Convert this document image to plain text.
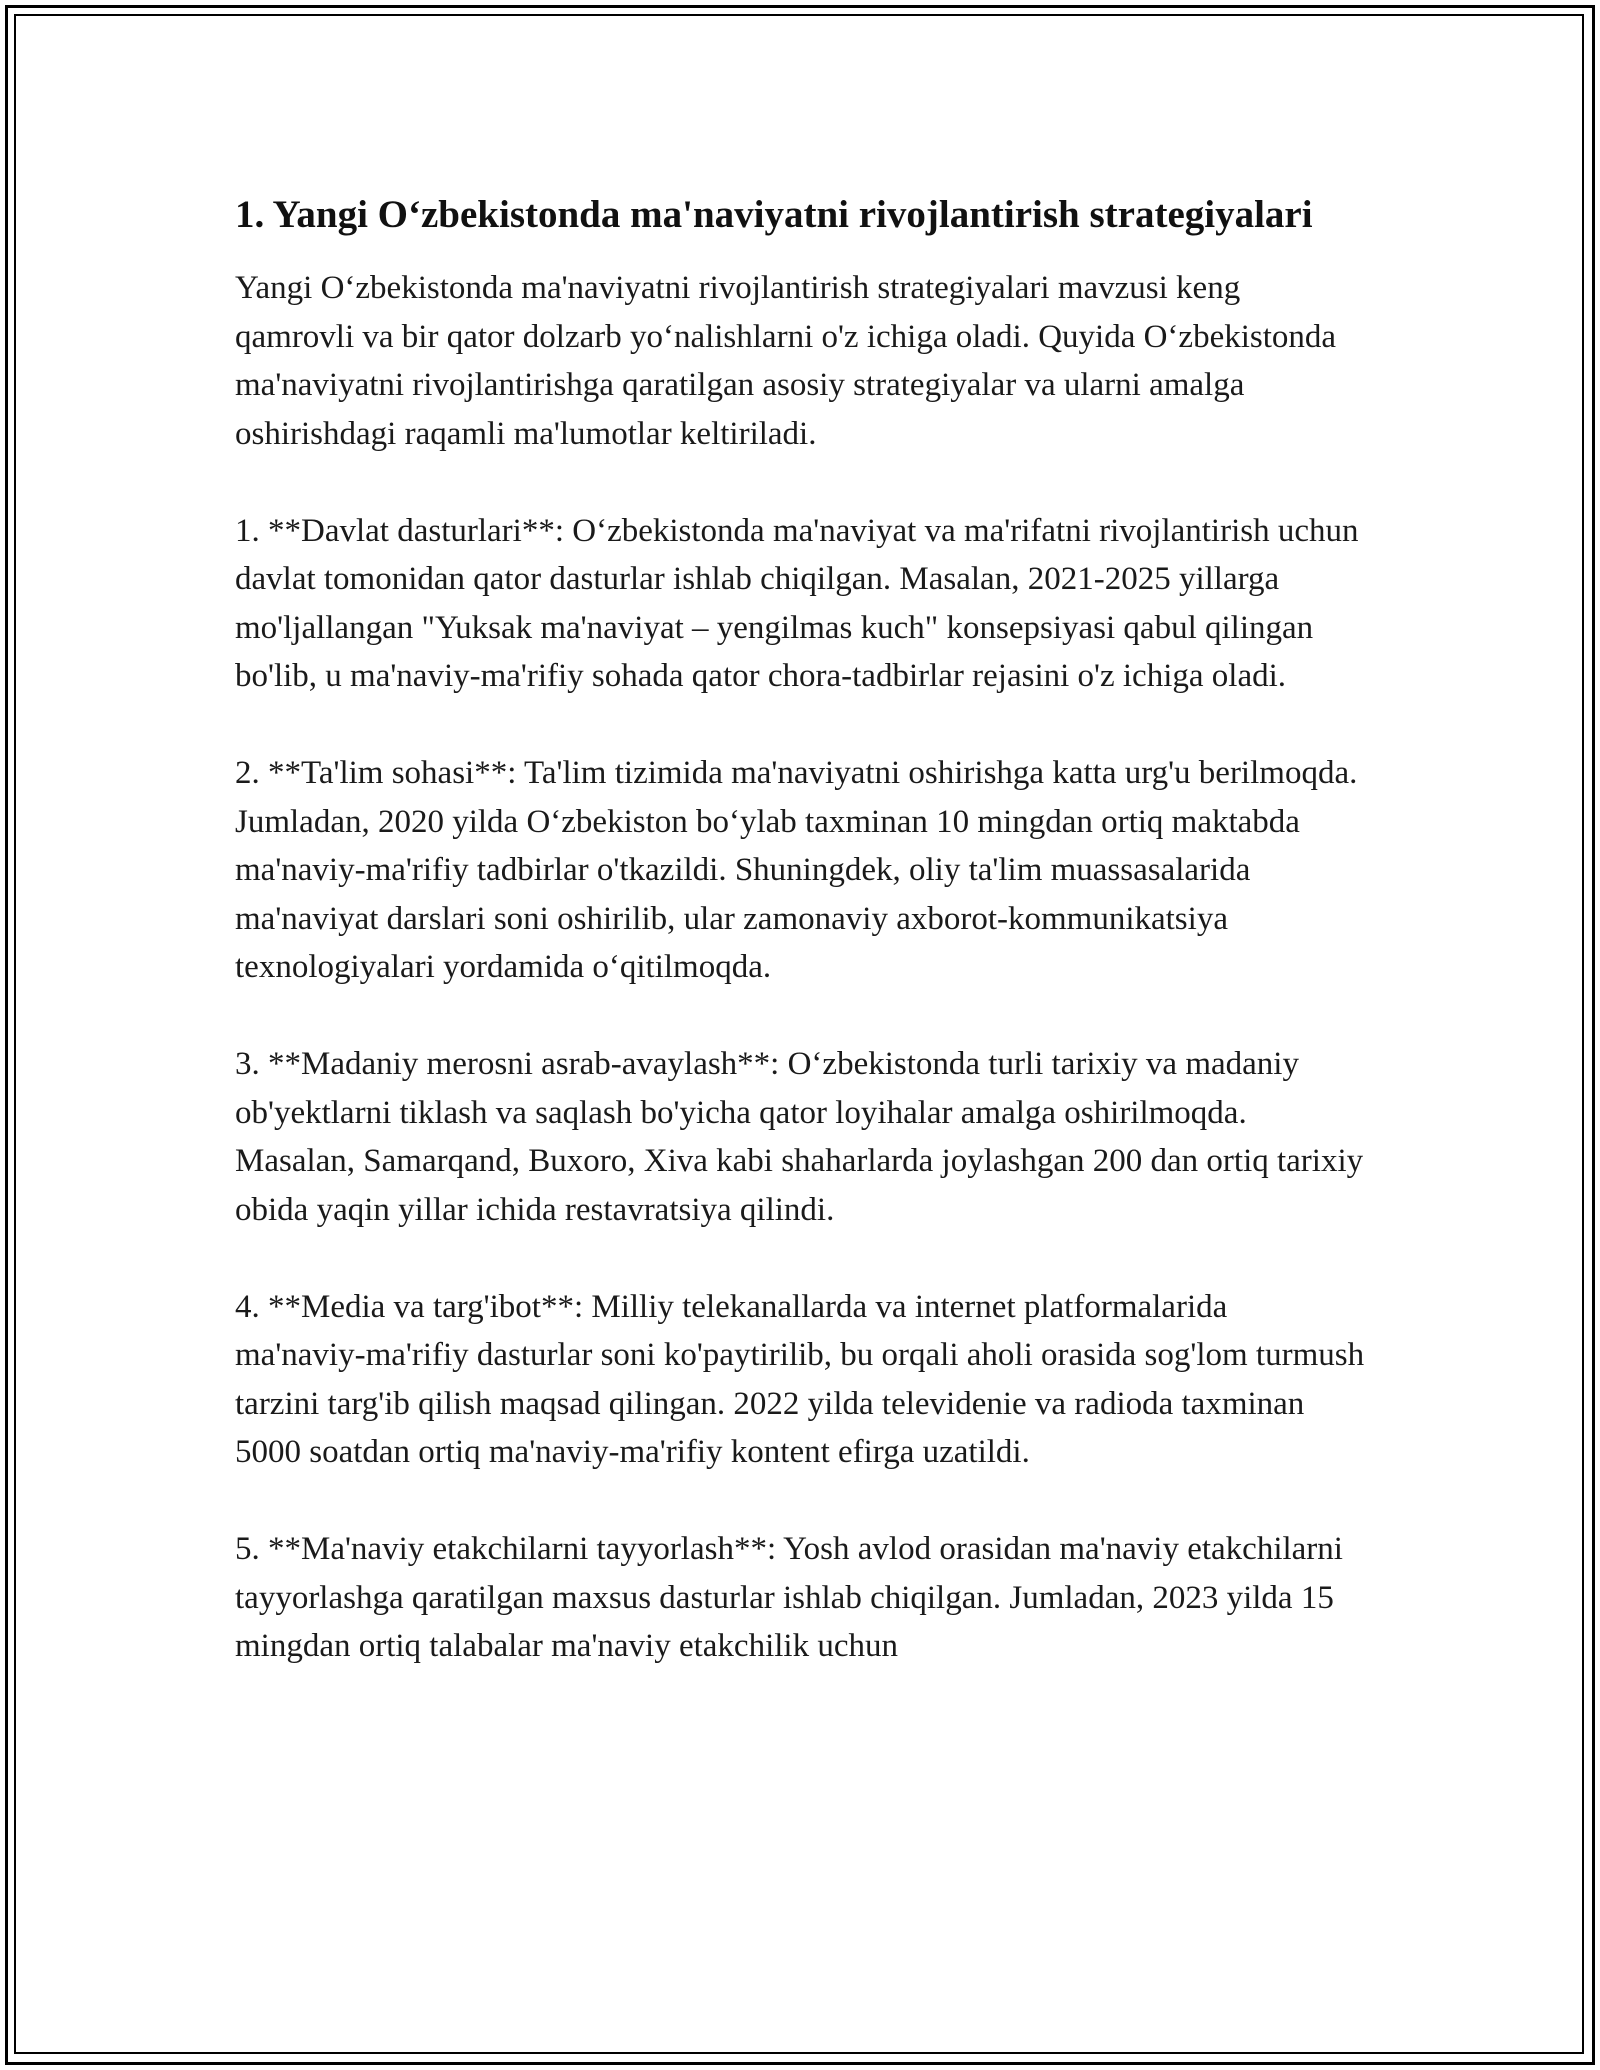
1. Yangi O‘zbekistonda ma'naviyatni rivojlantirish strategiyalari

Yangi O‘zbekistonda ma'naviyatni rivojlantirish strategiyalari mavzusi keng qamrovli va bir qator dolzarb yo‘nalishlarni o'z ichiga oladi. Quyida O‘zbekistonda ma'naviyatni rivojlantirishga qaratilgan asosiy strategiyalar va ularni amalga oshirishdagi raqamli ma'lumotlar keltiriladi.

1. **Davlat dasturlari**: O‘zbekistonda ma'naviyat va ma'rifatni rivojlantirish uchun davlat tomonidan qator dasturlar ishlab chiqilgan. Masalan, 2021-2025 yillarga mo'ljallangan "Yuksak ma'naviyat – yengilmas kuch" konsepsiyasi qabul qilingan bo'lib, u ma'naviy-ma'rifiy sohada qator chora-tadbirlar rejasini o'z ichiga oladi.

2. **Ta'lim sohasi**: Ta'lim tizimida ma'naviyatni oshirishga katta urg'u berilmoqda. Jumladan, 2020 yilda O‘zbekiston bo‘ylab taxminan 10 mingdan ortiq maktabda ma'naviy-ma'rifiy tadbirlar o'tkazildi. Shuningdek, oliy ta'lim muassasalarida ma'naviyat darslari soni oshirilib, ular zamonaviy axborot-kommunikatsiya texnologiyalari yordamida o‘qitilmoqda.

3. **Madaniy merosni asrab-avaylash**: O‘zbekistonda turli tarixiy va madaniy ob'yektlarni tiklash va saqlash bo'yicha qator loyihalar amalga oshirilmoqda. Masalan, Samarqand, Buxoro, Xiva kabi shaharlarda joylashgan 200 dan ortiq tarixiy obida yaqin yillar ichida restavratsiya qilindi.

4. **Media va targ'ibot**: Milliy telekanallarda va internet platformalarida ma'naviy-ma'rifiy dasturlar soni ko'paytirilib, bu orqali aholi orasida sog'lom turmush tarzini targ'ib qilish maqsad qilingan. 2022 yilda televidenie va radioda taxminan 5000 soatdan ortiq ma'naviy-ma'rifiy kontent efirga uzatildi.

5. **Ma'naviy etakchilarni tayyorlash**: Yosh avlod orasidan ma'naviy etakchilarni tayyorlashga qaratilgan maxsus dasturlar ishlab chiqilgan. Jumladan, 2023 yilda 15 mingdan ortiq talabalar ma'naviy etakchilik uchun
